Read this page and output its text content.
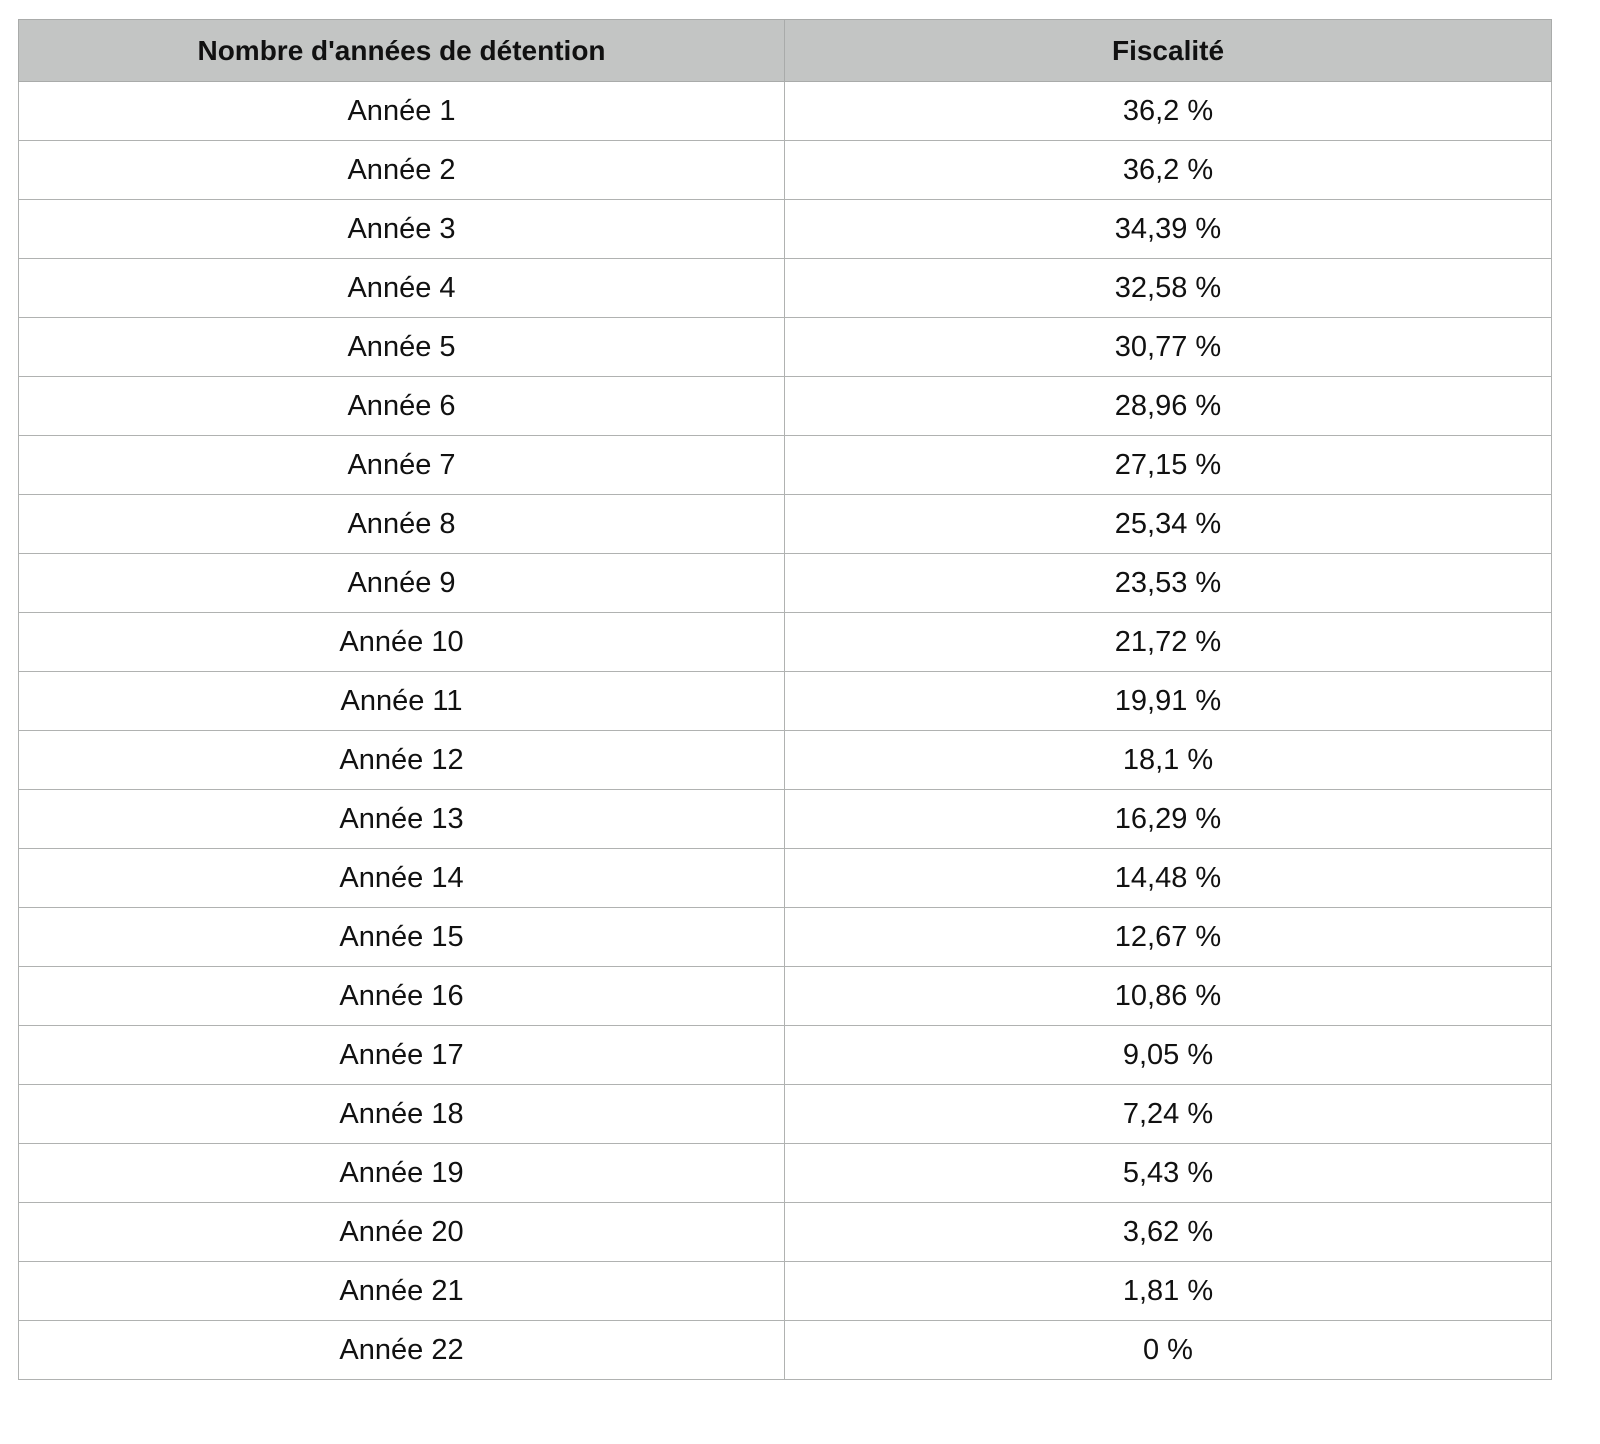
Nombre d'années de détention	Fiscalité
Année 1	36,2 %
Année 2	36,2 %
Année 3	34,39 %
Année 4	32,58 %
Année 5	30,77 %
Année 6	28,96 %
Année 7	27,15 %
Année 8	25,34 %
Année 9	23,53 %
Année 10	21,72 %
Année 11	19,91 %
Année 12	18,1 %
Année 13	16,29 %
Année 14	14,48 %
Année 15	12,67 %
Année 16	10,86 %
Année 17	9,05 %
Année 18	7,24 %
Année 19	5,43 %
Année 20	3,62 %
Année 21	1,81 %
Année 22	0 %
